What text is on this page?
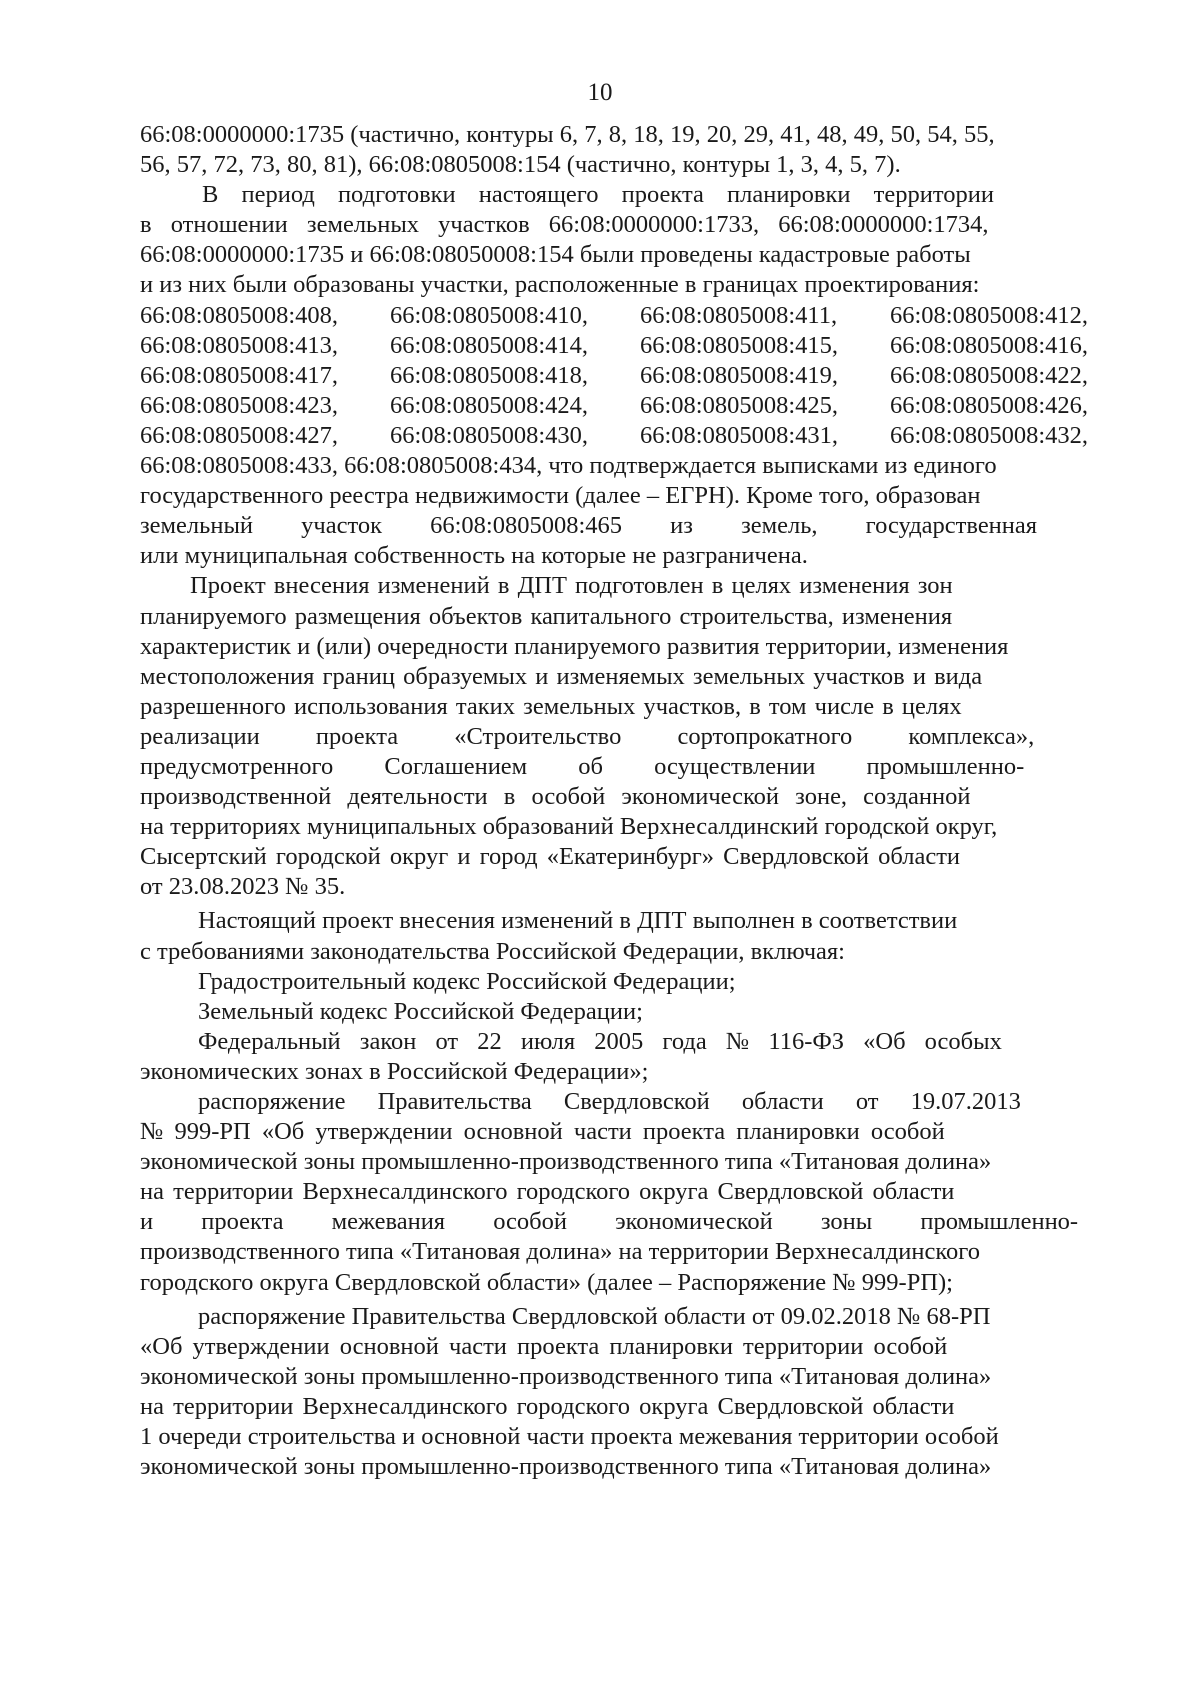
10
66:08:0000000:1735 (частично, контуры 6, 7, 8, 18, 19, 20, 29, 41, 48, 49, 50, 54, 55,
56, 57, 72, 73, 80, 81), 66:08:0805008:154 (частично, контуры 1, 3, 4, 5, 7).
В период подготовки настоящего проекта планировки территории
в отношении земельных участков 66:08:0000000:1733, 66:08:0000000:1734,
66:08:0000000:1735 и 66:08:08050008:154 были проведены кадастровые работы
и из них были образованы участки, расположенные в границах проектирования:
66:08:0805008:408,	66:08:0805008:410,	66:08:0805008:411,	66:08:0805008:412,
66:08:0805008:413,	66:08:0805008:414,	66:08:0805008:415,	66:08:0805008:416,
66:08:0805008:417,	66:08:0805008:418,	66:08:0805008:419,	66:08:0805008:422,
66:08:0805008:423,	66:08:0805008:424,	66:08:0805008:425,	66:08:0805008:426,
66:08:0805008:427,	66:08:0805008:430,	66:08:0805008:431,	66:08:0805008:432,
66:08:0805008:433, 66:08:0805008:434, что подтверждается выписками из единого
государственного реестра недвижимости (далее – ЕГРН). Кроме того, образован
земельный участок 66:08:0805008:465 из земель, государственная
или муниципальная собственность на которые не разграничена.
Проект внесения изменений в ДПТ подготовлен в целях изменения зон
планируемого размещения объектов капитального строительства, изменения
характеристик и (или) очередности планируемого развития территории, изменения
местоположения границ образуемых и изменяемых земельных участков и вида
разрешенного использования таких земельных участков, в том числе в целях
реализации проекта «Строительство сортопрокатного комплекса»,
предусмотренного Соглашением об осуществлении промышленно-
производственной деятельности в особой экономической зоне, созданной
на территориях муниципальных образований Верхнесалдинский городской округ,
Сысертский городской округ и город «Екатеринбург» Свердловской области
от 23.08.2023 № 35.
Настоящий проект внесения изменений в ДПТ выполнен в соответствии
с требованиями законодательства Российской Федерации, включая:
Градостроительный кодекс Российской Федерации;
Земельный кодекс Российской Федерации;
Федеральный закон от 22 июля 2005 года № 116-ФЗ «Об особых
экономических зонах в Российской Федерации»;
распоряжение Правительства Свердловской области от 19.07.2013
№ 999-РП «Об утверждении основной части проекта планировки особой
экономической зоны промышленно-производственного типа «Титановая долина»
на территории Верхнесалдинского городского округа Свердловской области
и проекта межевания особой экономической зоны промышленно-
производственного типа «Титановая долина» на территории Верхнесалдинского
городского округа Свердловской области» (далее – Распоряжение № 999-РП);
распоряжение Правительства Свердловской области от 09.02.2018 № 68-РП
«Об утверждении основной части проекта планировки территории особой
экономической зоны промышленно-производственного типа «Титановая долина»
на территории Верхнесалдинского городского округа Свердловской области
1 очереди строительства и основной части проекта межевания территории особой
экономической зоны промышленно-производственного типа «Титановая долина»
